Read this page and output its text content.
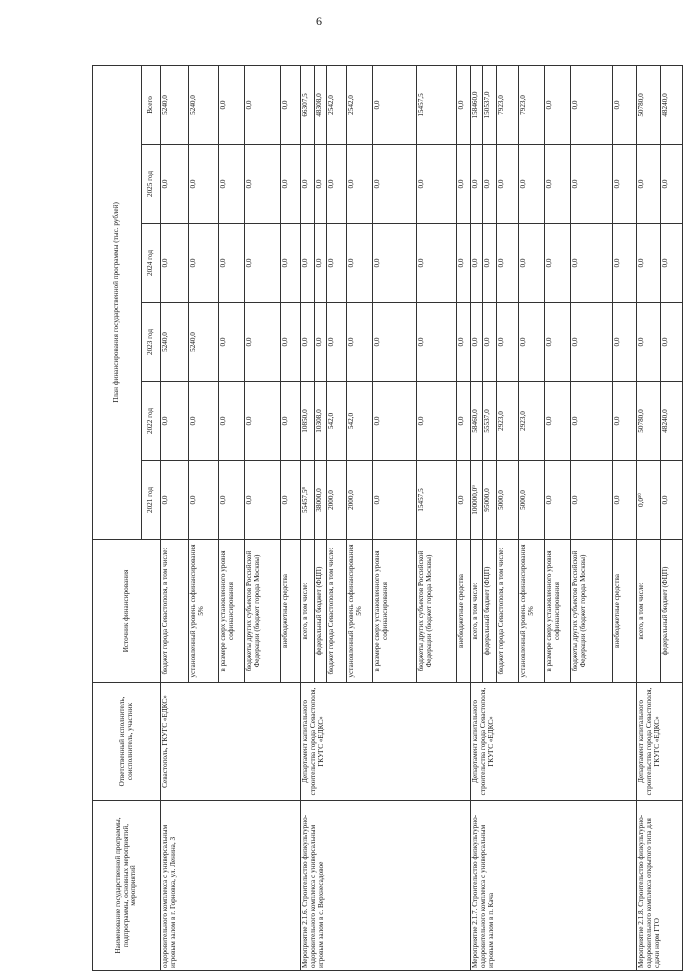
6
Наименование государственной программы, подпрограммы, основных мероприятий, мероприятий	Ответственный исполнитель, соисполнитель, участник	Источник финансирования	План финансирования государственной программы (тыс. рублей)					
			2021 год	2022 год	2023 год	2024 год	2025 год	Всего
оздоровительного комплекса с универсальным игровым залом в г. Горновка, ул. Ленина, 3	Севастополь, ГКУГС «ЕДКС»	бюджет города Севастополя, в том числе:	0,0	0,0	5240,0	0,0	0,0	5240,0
		установленный уровень софинансирования 5%	0,0	0,0	5240,0	0,0	0,0	5240,0
		в размере сверх установленного уровня софинансирования	0,0	0,0	0,0	0,0	0,0	0,0
		бюджеты других субъектов Российской Федерации (бюджет города Москвы)	0,0	0,0	0,0	0,0	0,0	0,0
		внебюджетные средства	0,0	0,0	0,0	0,0	0,0	0,0
Мероприятие 2.1.6. Строительство физкультурно-оздоровительного комплекса с универсальным игровым залом в с. Верхнесадовое	Департамент капитального строительства города Севастополя, ГКУГС «ЕДКС»	всего, в том числе:	55457,5⁸	10850,0	0,0	0,0	0,0	66307,5
		федеральный бюджет (ФЦП)	38000,0	10308,0	0,0	0,0	0,0	48308,0
		бюджет города Севастополя, в том числе:	2000,0	542,0	0,0	0,0	0,0	2542,0
		установленный уровень софинансирования 5%	2000,0	542,0	0,0	0,0	0,0	2542,0
		в размере сверх установленного уровня софинансирования	0,0	0,0	0,0	0,0	0,0	0,0
		бюджеты других субъектов Российской Федерации (бюджет города Москвы)	15457,5	0,0	0,0	0,0	0,0	15457,5
		внебюджетные средства	0,0	0,0	0,0	0,0	0,0	0,0
Мероприятие 2.1.7. Строительство физкультурно-оздоровительного комплекса с универсальным игровым залом в п. Кача	Департамент капитального строительства города Севастополя, ГКУГС «ЕДКС»	всего, в том числе:	100000,0⁹	58460,0	0,0	0,0	0,0	158460,0
		федеральный бюджет (ФЦП)	95000,0	55537,0	0,0	0,0	0,0	150537,0
		бюджет города Севастополя, в том числе:	5000,0	2923,0	0,0	0,0	0,0	7923,0
		установленный уровень софинансирования 5%	5000,0	2923,0	0,0	0,0	0,0	7923,0
		в размере сверх установленного уровня софинансирования	0,0	0,0	0,0	0,0	0,0	0,0
		бюджеты других субъектов Российской Федерации (бюджет города Москвы)	0,0	0,0	0,0	0,0	0,0	0,0
		внебюджетные средства	0,0	0,0	0,0	0,0	0,0	0,0
Мероприятие 2.1.8. Строительство физкультурно-оздоровительного комплекса открытого типа для сдачи норм ГТО	Департамент капитального строительства города Севастополя, ГКУГС «ЕДКС»	всего, в том числе:	0,0¹⁰	50780,0	0,0	0,0	0,0	50780,0
		федеральный бюджет (ФЦП)	0,0	48240,0	0,0	0,0	0,0	48240,0
